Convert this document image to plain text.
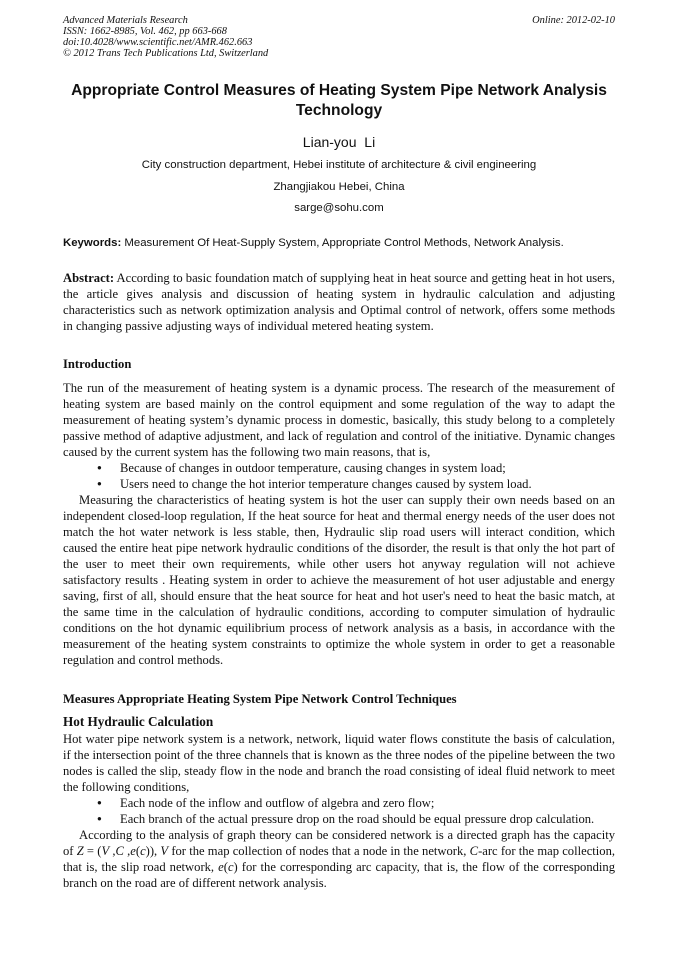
Advanced Materials Research
ISSN: 1662-8985, Vol. 462, pp 663-668
doi:10.4028/www.scientific.net/AMR.462.663
© 2012 Trans Tech Publications Ltd, Switzerland
Online: 2012-02-10
Appropriate Control Measures of Heating System Pipe Network Analysis Technology
Lian-you  Li
City construction department, Hebei institute of architecture & civil engineering
Zhangjiakou Hebei, China
sarge@sohu.com
Keywords: Measurement Of Heat-Supply System, Appropriate Control Methods, Network Analysis.

Abstract: According to basic foundation match of supplying heat in heat source and getting heat in hot users, the article gives analysis and discussion of heating system in hydraulic calculation and adjusting characteristics such as network optimization analysis and Optimal control of network, offers some methods in changing passive adjusting ways of individual metered heating system.

Introduction

The run of the measurement of heating system is a dynamic process. The research of the measurement of heating system are based mainly on the control equipment and some regulation of the way to adapt the measurement of heating system’s dynamic process in domestic, basically, this study belong to a completely passive method of adaptive adjustment, and lack of regulation and control of the initiative. Dynamic changes caused by the current system has the following two main reasons, that is,

● Because of changes in outdoor temperature, causing changes in system load;
● Users need to change the hot interior temperature changes caused by system load.

Measuring the characteristics of heating system is hot the user can supply their own needs based on an independent closed-loop regulation, If the heat source for heat and thermal energy needs of the user does not match the hot water network is less stable, then, Hydraulic slip road users will interact condition, which caused the entire heat pipe network hydraulic conditions of the disorder, the result is that only the hot part of the user to meet their own requirements, while other users hot anyway regulation will not achieve satisfactory results . Heating system in order to achieve the measurement of hot user adjustable and energy saving, first of all, should ensure that the heat source for heat and hot user's need to heat the basic match, at the same time in the calculation of hydraulic conditions, according to computer simulation of hydraulic conditions on the hot dynamic equilibrium process of network analysis as a basis, in accordance with the measurement of the heating system constraints to optimize the whole system in order to get a reasonable regulation and control methods.

Measures Appropriate Heating System Pipe Network Control Techniques
Hot Hydraulic Calculation

Hot water pipe network system is a network, network, liquid water flows constitute the basis of calculation, if the intersection point of the three channels that is known as the three nodes of the pipeline between the two nodes is called the slip, steady flow in the node and branch the road consisting of ideal fluid network to meet the following conditions,

● Each node of the inflow and outflow of algebra and zero flow;
● Each branch of the actual pressure drop on the road should be equal pressure drop calculation.

According to the analysis of graph theory can be considered network is a directed graph has the capacity of Z = (V ,C ,e(c)), V for the map collection of nodes that a node in the network, C-arc for the map collection, that is, the slip road network, e(c) for the corresponding arc capacity, that is, the flow of the corresponding branch on the road are of different network analysis.
